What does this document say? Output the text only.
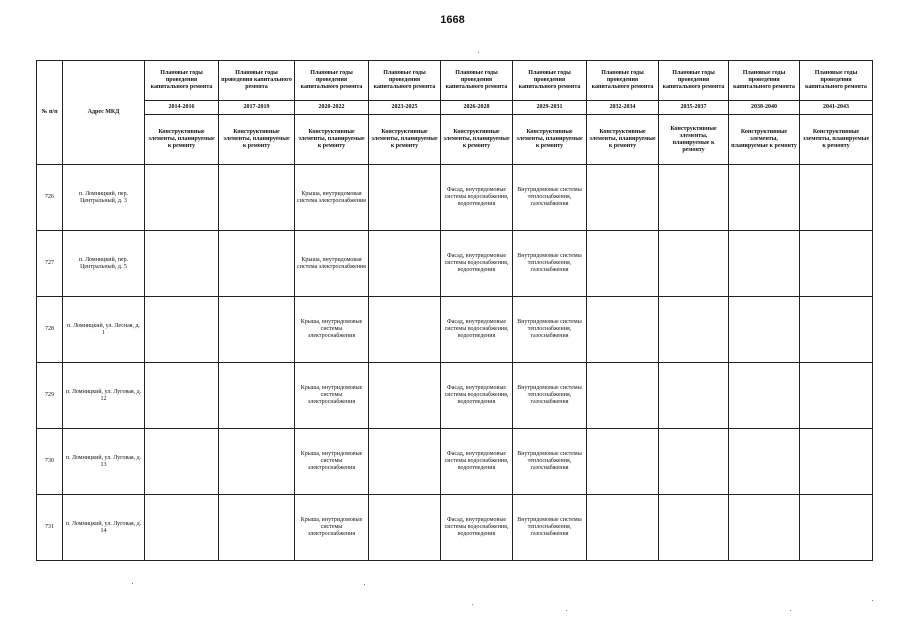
1668
№ п/п	Адрес МКД	Плановые годы проведения капитального ремонта	Плановые годы проведения капитального ремонта	Плановые годы проведения капитального ремонта	Плановые годы проведения капитального ремонта	Плановые годы проведения капитального ремонта	Плановые годы проведения капитального ремонта	Плановые годы проведения капитального ремонта	Плановые годы проведения капитального ремонта	Плановые годы проведения капитального ремонта	Плановые годы проведения капитального ремонта
		2014-2016	2017-2019	2020-2022	2023-2025	2026-2028	2029-2031	2032-2034	2035-2037	2038-2040	2041-2043
		Конструктивные элементы, планируемые к ремонту	Конструктивные элементы, планируемые к ремонту	Конструктивные элементы, планируемые к ремонту	Конструктивные элементы, планируемые к ремонту	Конструктивные элементы, планируемые к ремонту	Конструктивные элементы, планируемые к ремонту	Конструктивные элементы, планируемые к ремонту	Конструктивные элементы, планируемые к ремонту	Конструктивные элементы, планируемые к ремонту	Конструктивные элементы, планируемые к ремонту
726	п. Ломницкий, пер. Центральный, д. 3			Крыша, внутридомовая система электроснабжения		Фасад, внутридомовые системы водоснабжения, водоотведения	Внутридомовые системы теплоснабжения, газоснабжения				
727	п. Ломницкий, пер. Центральный, д. 5			Крыша, внутридомовая система электроснабжения		Фасад, внутридомовые системы водоснабжения, водоотведения	Внутридомовые системы теплоснабжения, газоснабжения				
728	п. Ломницкий, ул. Лесная, д. 1			Крыша, внутридомовые системы электроснабжения		Фасад, внутридомовые системы водоснабжения, водоотведения	Внутридомовые системы теплоснабжения, газоснабжения				
729	п. Ломницкий, ул. Луговая, д. 12			Крыша, внутридомовые системы электроснабжения		Фасад, внутридомовые системы водоснабжения, водоотведения	Внутридомовые системы теплоснабжения, газоснабжения				
730	п. Ломницкий, ул. Луговая, д. 13			Крыша, внутридомовые системы электроснабжения		Фасад, внутридомовые системы водоснабжения, водоотведения	Внутридомовые системы теплоснабжения, газоснабжения				
731	п. Ломницкий, ул. Луговая, д. 14			Крыша, внутридомовые системы электроснабжения		Фасад, внутридомовые системы водоснабжения, водоотведения	Внутридомовые системы теплоснабжения, газоснабжения				
